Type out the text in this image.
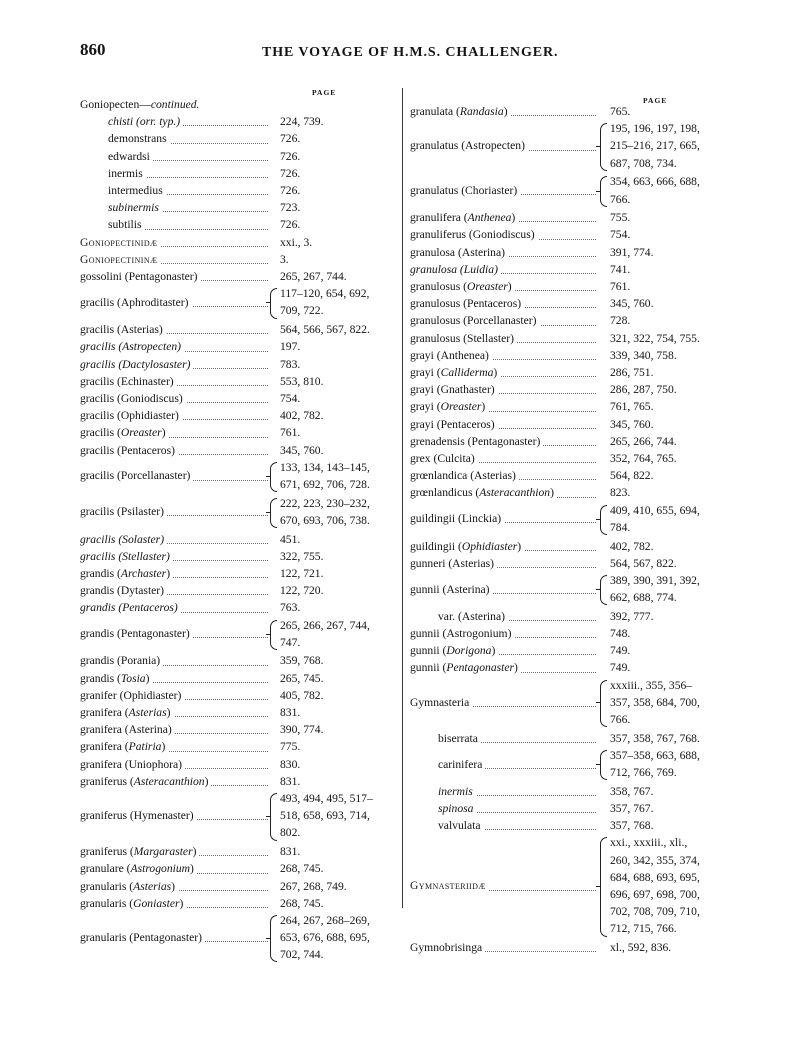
860	THE VOYAGE OF H.M.S. CHALLENGER.
PAGE
PAGE
Goniopecten—continued.
chisti (orr. typ.)	224, 739.
demonstrans	726.
edwardsi	726.
inermis	726.
intermedius	726.
subinermis	723.
subtilis	726.
Goniopectinidæ	xxi., 3.
Goniopectininæ	3.
gossolini (Pentagonaster)	265, 267, 744.
gracilis (Aphroditaster)
117–120, 654, 692,
709, 722.
gracilis (Asterias)	564, 566, 567, 822.
gracilis (Astropecten)	197.
gracilis (Dactylosaster)	783.
gracilis (Echinaster)	553, 810.
gracilis (Goniodiscus)	754.
gracilis (Ophidiaster)	402, 782.
gracilis (Oreaster)	761.
gracilis (Pentaceros)	345, 760.
gracilis (Porcellanaster)
133, 134, 143–145,
671, 692, 706, 728.
gracilis (Psilaster)
222, 223, 230–232,
670, 693, 706, 738.
gracilis (Solaster)	451.
gracilis (Stellaster)	322, 755.
grandis (Archaster)	122, 721.
grandis (Dytaster)	122, 720.
grandis (Pentaceros)	763.
grandis (Pentagonaster)
265, 266, 267, 744,
747.
grandis (Porania)	359, 768.
grandis (Tosia)	265, 745.
granifer (Ophidiaster)	405, 782.
granifera (Asterias)	831.
granifera (Asterina)	390, 774.
granifera (Patiria)	775.
granifera (Uniophora)	830.
graniferus (Asteracanthion)	831.
graniferus (Hymenaster)
493, 494, 495, 517–
518, 658, 693, 714,
802.
graniferus (Margaraster)	831.
granulare (Astrogonium)	268, 745.
granularis (Asterias)	267, 268, 749.
granularis (Goniaster)	268, 745.
granularis (Pentagonaster)
264, 267, 268–269,
653, 676, 688, 695,
702, 744.
granulata (Randasia)	765.
granulatus (Astropecten)
195, 196, 197, 198,
215–216, 217, 665,
687, 708, 734.
granulatus (Choriaster)
354, 663, 666, 688,
766.
granulifera (Anthenea)	755.
granuliferus (Goniodiscus)	754.
granulosa (Asterina)	391, 774.
granulosa (Luidia)	741.
granulosus (Oreaster)	761.
granulosus (Pentaceros)	345, 760.
granulosus (Porcellanaster)	728.
granulosus (Stellaster)	321, 322, 754, 755.
grayi (Anthenea)	339, 340, 758.
grayi (Calliderma)	286, 751.
grayi (Gnathaster)	286, 287, 750.
grayi (Oreaster)	761, 765.
grayi (Pentaceros)	345, 760.
grenadensis (Pentagonaster)	265, 266, 744.
grex (Culcita)	352, 764, 765.
grœnlandica (Asterias)	564, 822.
grœnlandicus (Asteracanthion)	823.
guildingii (Linckia)
409, 410, 655, 694,
784.
guildingii (Ophidiaster)	402, 782.
gunneri (Asterias)	564, 567, 822.
gunnii (Asterina)
389, 390, 391, 392,
662, 688, 774.
var. (Asterina)	392, 777.
gunnii (Astrogonium)	748.
gunnii (Dorigona)	749.
gunnii (Pentagonaster)	749.
Gymnasteria
xxxiii., 355, 356–
357, 358, 684, 700,
766.
biserrata	357, 358, 767, 768.
carinifera
357–358, 663, 688,
712, 766, 769.
inermis	358, 767.
spinosa	357, 767.
valvulata	357, 768.
Gymnasteriidæ
xxi., xxxiii., xli.,
260, 342, 355, 374,
684, 688, 693, 695,
696, 697, 698, 700,
702, 708, 709, 710,
712, 715, 766.
Gymnobrisinga	xl., 592, 836.
